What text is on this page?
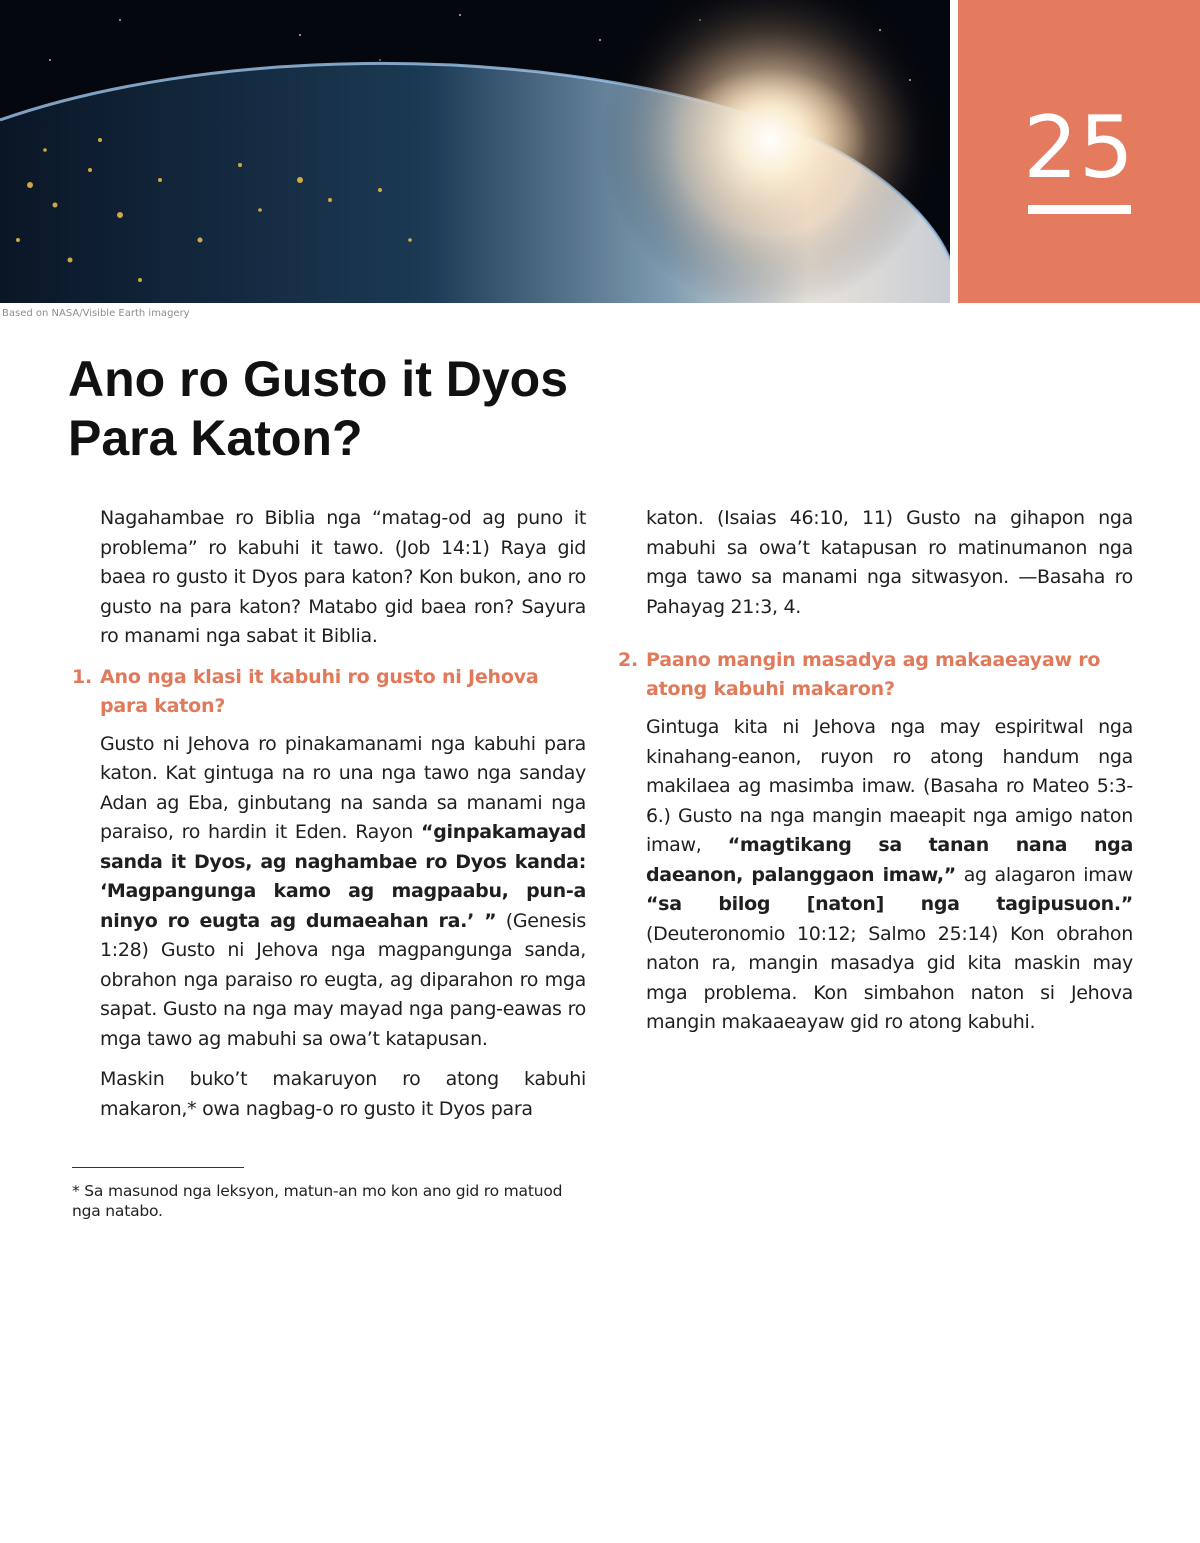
25
Based on NASA/Visible Earth imagery
Ano ro Gusto it Dyos
Para Katon?

Nagahambae ro Biblia nga “matag-od ag puno it problema” ro kabuhi it tawo. (Job 14:1) Raya gid baea ro gusto it Dyos para katon? Kon bukon, ano ro gusto na para katon? Matabo gid baea ron? Sayura ro manami nga sabat it Biblia.

1. Ano nga klasi it kabuhi ro gusto ni Jehova para katon?

Gusto ni Jehova ro pinakamanami nga kabuhi para katon. Kat gintuga na ro una nga tawo nga sanday Adan ag Eba, ginbutang na sanda sa manami nga paraiso, ro hardin it Eden. Rayon “ginpakamayad sanda it Dyos, ag naghambae ro Dyos kanda: ‘Magpangunga kamo ag magpaabu, pun-a ninyo ro eugta ag dumaeahan ra.’ ” (Genesis 1:28) Gusto ni Jehova nga magpangunga sanda, obrahon nga paraiso ro eugta, ag diparahon ro mga sapat. Gusto na nga may mayad nga pang-eawas ro mga tawo ag mabuhi sa owa’t katapusan.

Maskin buko’t makaruyon ro atong kabuhi makaron,* owa nagbag-o ro gusto it Dyos para

* Sa masunod nga leksyon, matun-an mo kon ano gid ro matuod nga natabo.

katon. (Isaias 46:10, 11) Gusto na gihapon nga mabuhi sa owa’t katapusan ro matinumanon nga mga tawo sa manami nga sitwasyon. —Basaha ro Pahayag 21:3, 4.

2. Paano mangin masadya ag makaaeayaw ro atong kabuhi makaron?

Gintuga kita ni Jehova nga may espiritwal nga kinahang-eanon, ruyon ro atong handum nga makilaea ag masimba imaw. (Basaha ro Mateo 5:3-6.) Gusto na nga mangin maeapit nga amigo naton imaw, “magtikang sa tanan nana nga daeanon, palanggaon imaw,” ag alagaron imaw “sa bilog [naton] nga tagipusuon.” (Deuteronomio 10:12; Salmo 25:14) Kon obrahon naton ra, mangin masadya gid kita maskin may mga problema. Kon simbahon naton si Jehova mangin makaaeayaw gid ro atong kabuhi.
